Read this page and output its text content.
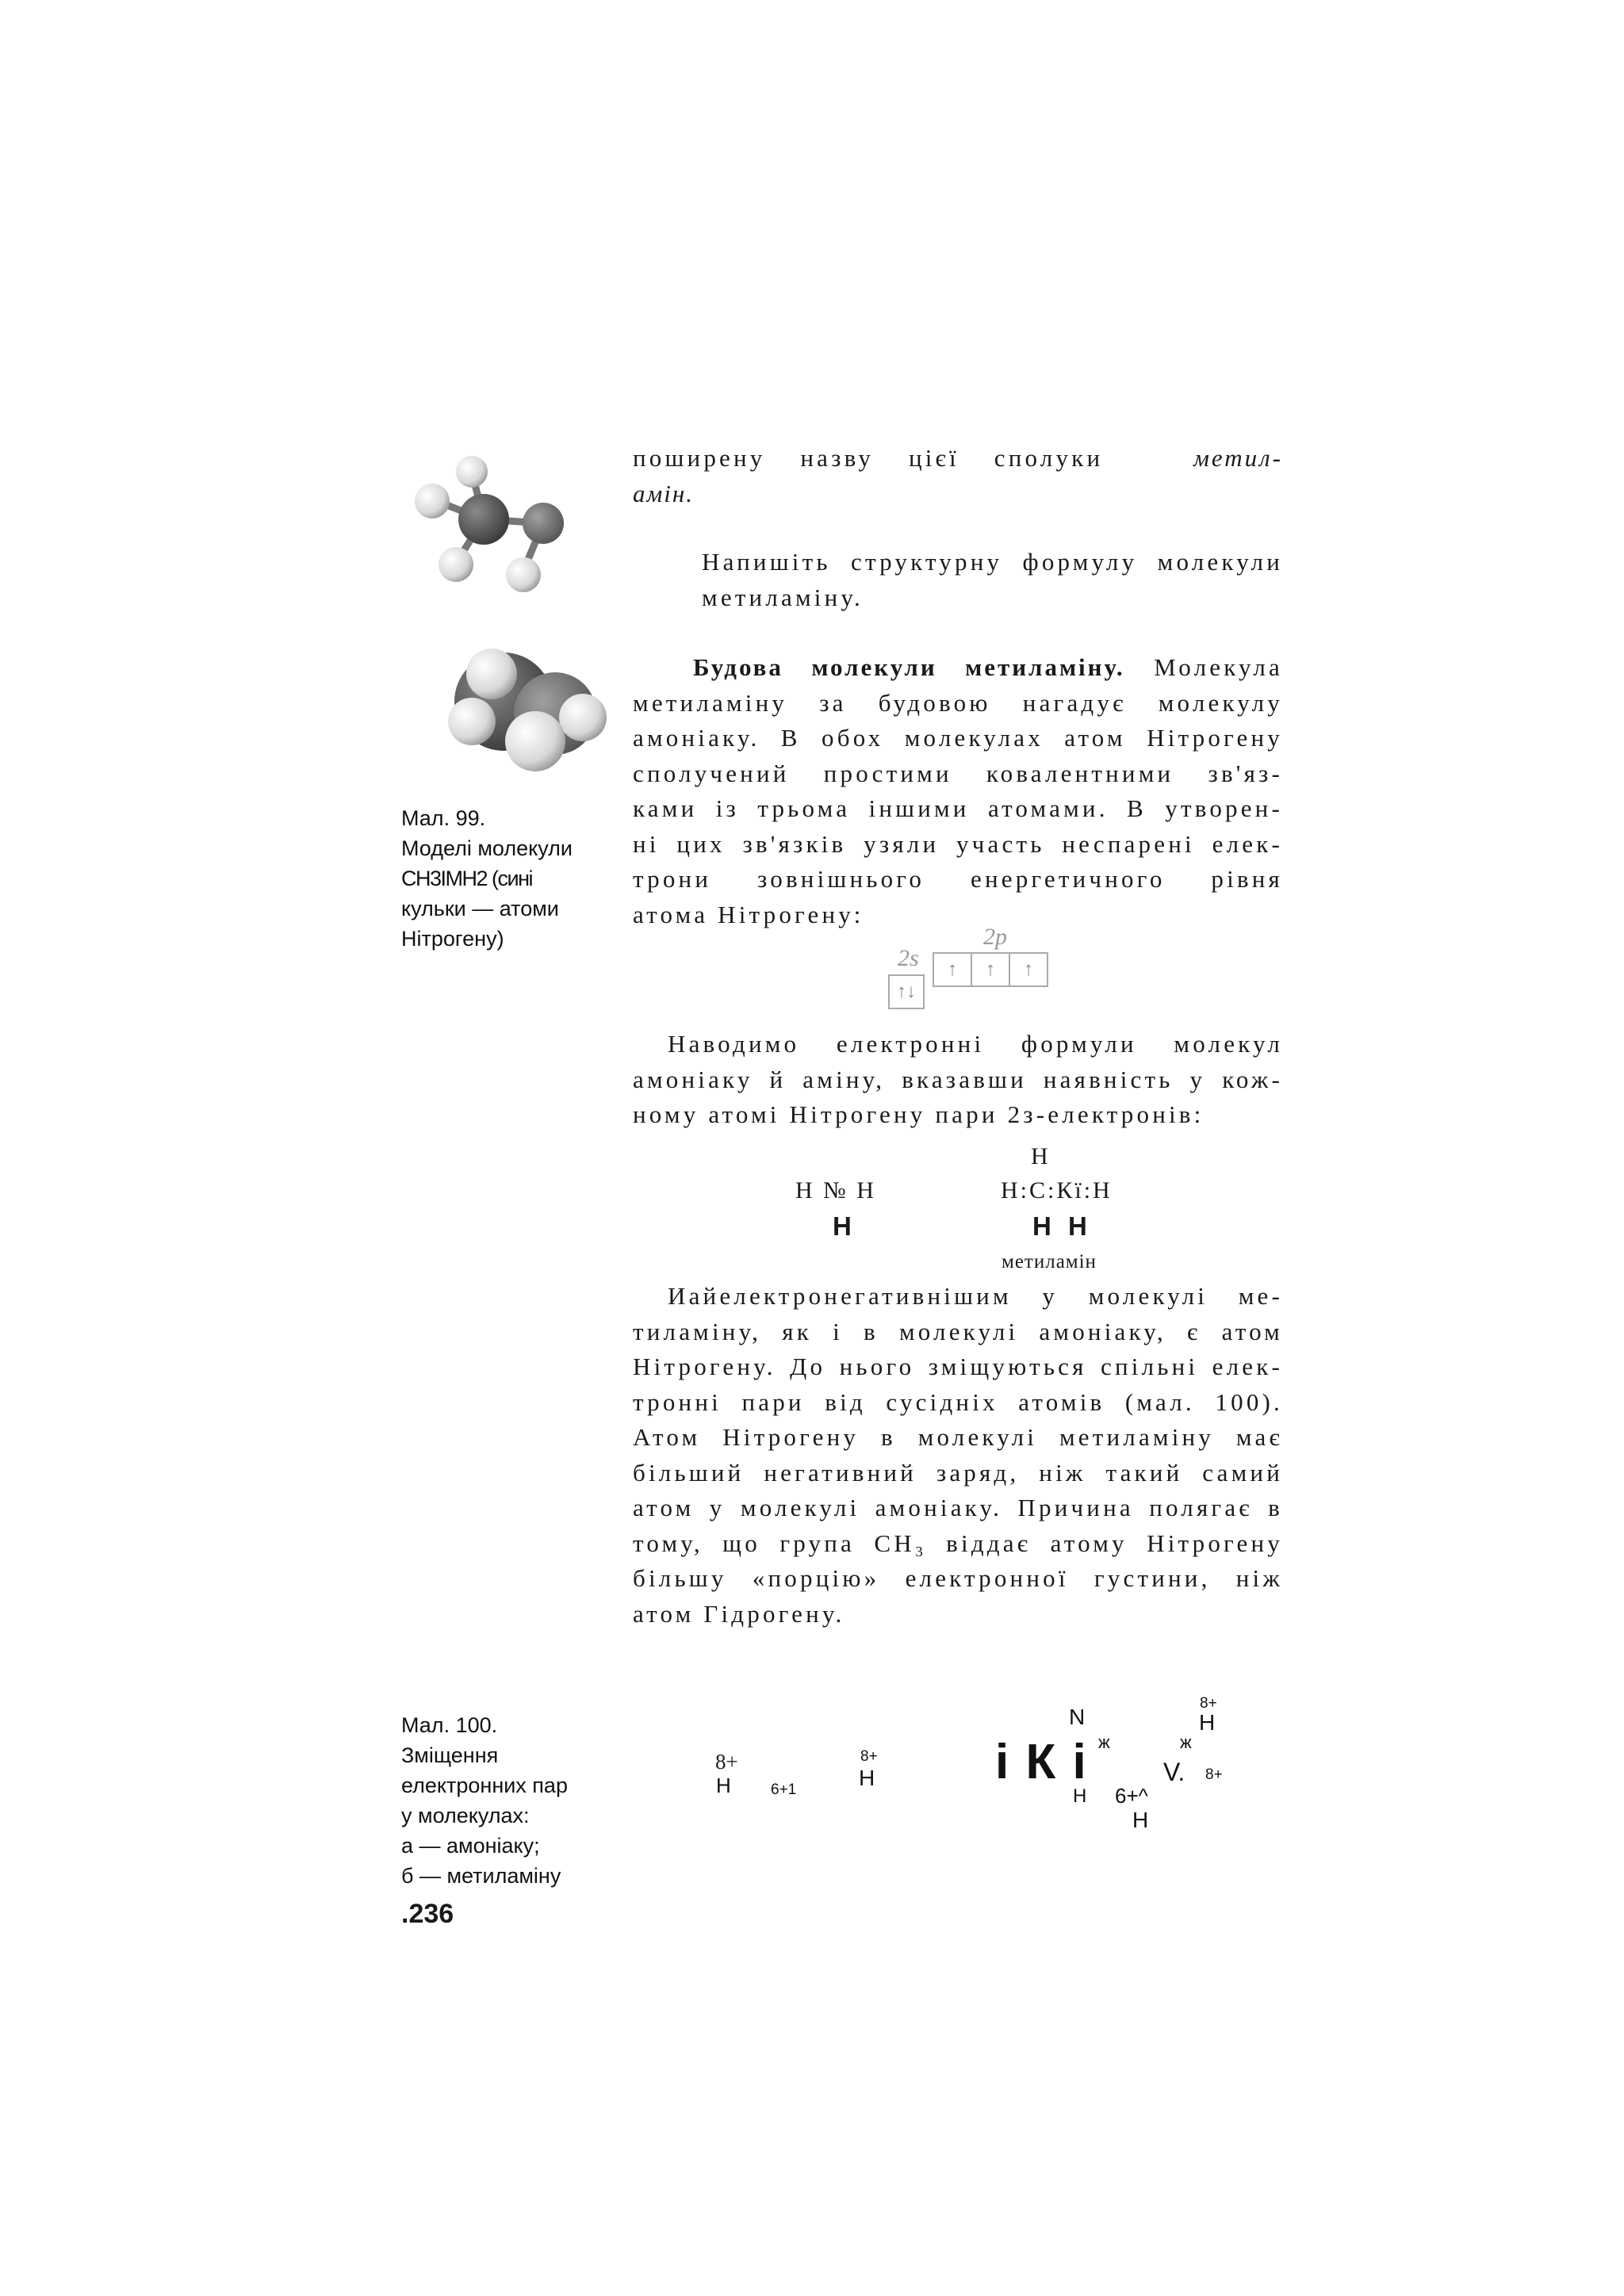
Мал. 99.
Моделі молекули
СН3ІМН2 (сині
кульки — атоми
Нітрогену)
поширену назву цієї сполуки	метил-
амін.
Напишіть структурну формулу молекули
метиламіну.
Будова молекули метиламіну. Молекула
метиламіну за будовою нагадує молекулу
амоніаку. В обох молекулах атом Нітрогену
сполучений простими ковалентними зв'яз-
ками із трьома іншими атомами. В утворен-
ні цих зв'язків узяли участь неспарені елек-
трони зовнішнього енергетичного рівня
атома Нітрогену:
2s
2p
↑↓
↑	↑	↑
Наводимо електронні формули молекул
амоніаку й аміну, вказавши наявність у кож-
ному атомі Нітрогену пари 2з-електронів:
H
H № H	H:C:Кї:H
H	H H
метиламін
Иайелектронегативнішим у молекулі ме-
тиламіну, як і в молекулі амоніаку, є атом
Нітрогену. До нього зміщуються спільні елек-
тронні пари від сусідніх атомів (мал. 100).
Атом Нітрогену в молекулі метиламіну має
більший негативний заряд, ніж такий самий
атом у молекулі амоніаку. Причина полягає в
тому, що група СН₃ віддає атому Нітрогену
більшу «порцію» електронної густини, ніж
атом Гідрогену.
Мал. 100.
Зміщення
електронних пар
у молекулах:
а — амоніаку;
б — метиламіну
8+
H	6+1
8+
H і К і
N
ж	ж
8+
H
V. 8+
H 6+^
H
.236
